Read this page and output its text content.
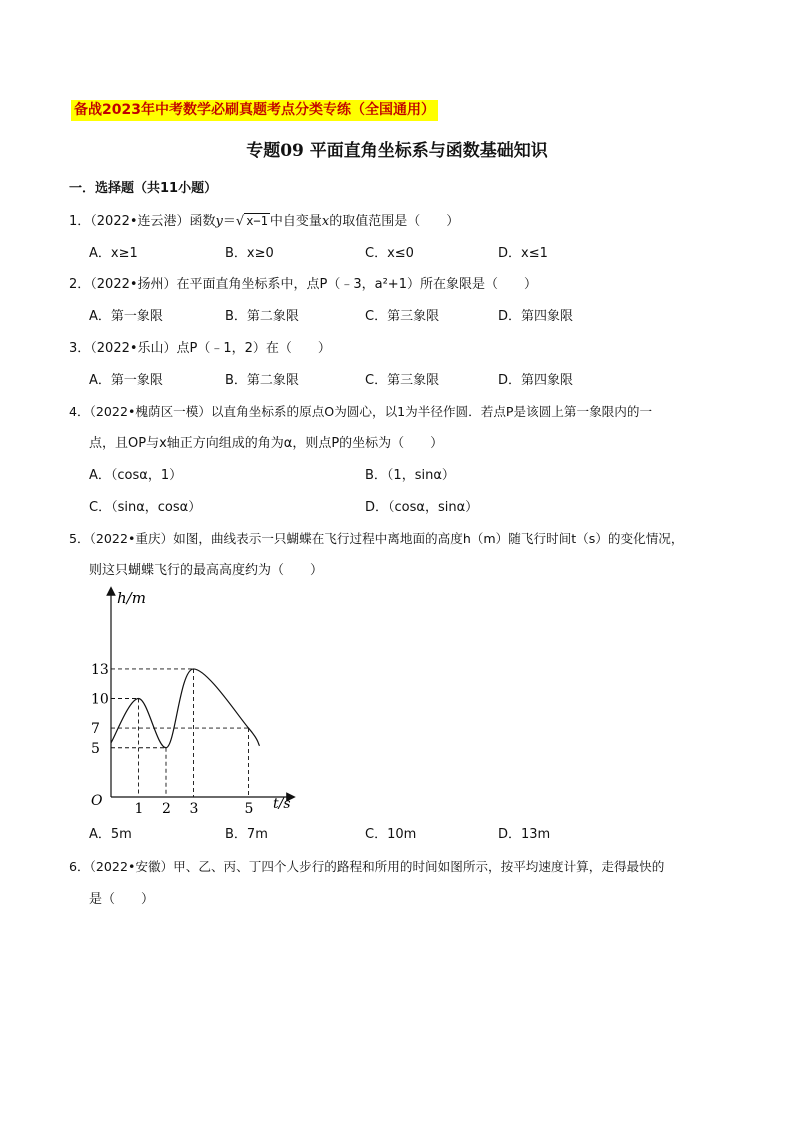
备战2023年中考数学必刷真题考点分类专练（全国通用）
专题09 平面直角坐标系与函数基础知识
一．选择题（共11小题）
1．（2022•连云港）函数y＝√ x−1 中自变量x的取值范围是（　　）
A．x≥1	B．x≥0	C．x≤0	D．x≤1
2．（2022•扬州）在平面直角坐标系中，点P（﹣3，a²+1）所在象限是（　　）
A．第一象限	B．第二象限	C．第三象限	D．第四象限
3．（2022•乐山）点P（﹣1，2）在（　　）
A．第一象限	B．第二象限	C．第三象限	D．第四象限
4．（2022•槐荫区一模）以直角坐标系的原点O为圆心，以1为半径作圆．若点P是该圆上第一象限内的一
点，且OP与x轴正方向组成的角为α，则点P的坐标为（　　）
A．（cosα，1）	B．（1，sinα）
C．（sinα，cosα）	D．（cosα，sinα）
5．（2022•重庆）如图，曲线表示一只蝴蝶在飞行过程中离地面的高度h（m）随飞行时间t（s）的变化情况，
则这只蝴蝶飞行的最高高度约为（　　）
5
7
10
13
1 2 3	5
h/m
t/s
O
A．5m	B．7m	C．10m	D．13m
6．（2022•安徽）甲、乙、丙、丁四个人步行的路程和所用的时间如图所示，按平均速度计算，走得最快的
是（　　）
